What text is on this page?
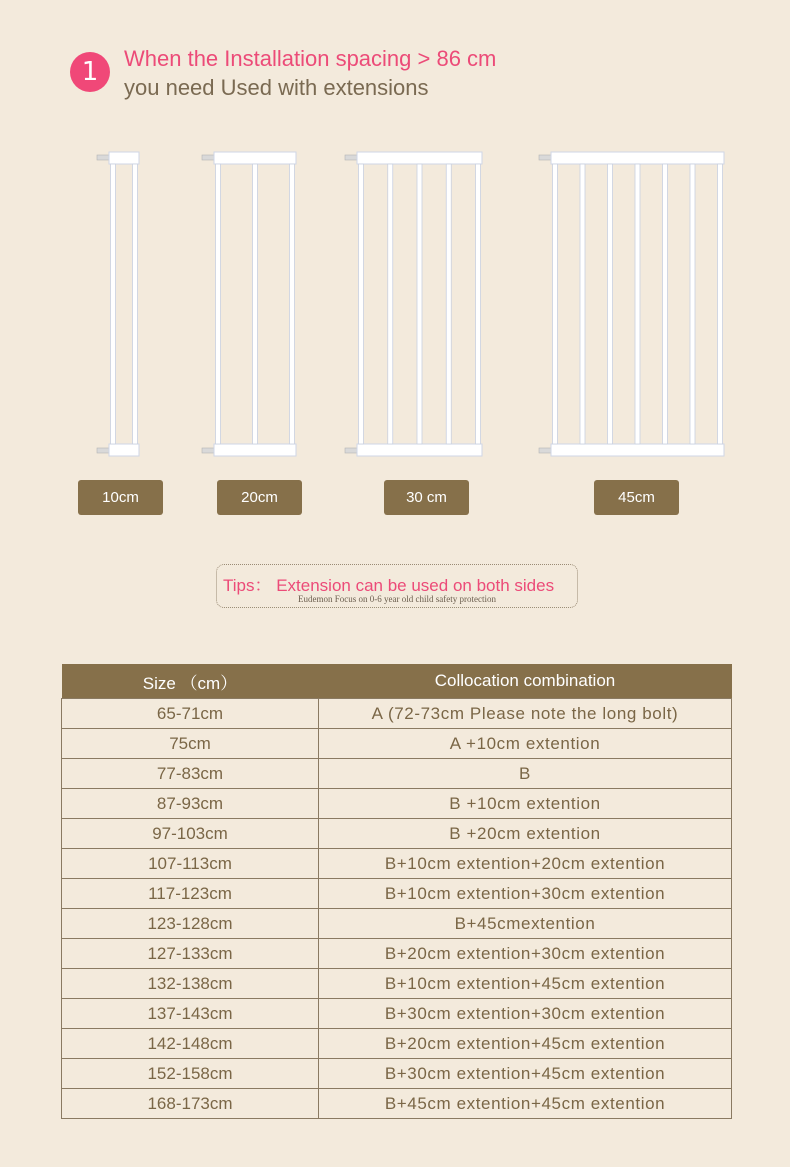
1	When the Installation spacing > 86 cm
you need Used with extensions
10cm	20cm	30 cm	45cm
Tips： Extension can be used on both sides
Eudemon Focus on 0-6 year old child safety protection
Size （cm）	Collocation combination
65-71cm	A (72-73cm Please note the long bolt)
75cm	A +10cm extention
77-83cm	B
87-93cm	B +10cm extention
97-103cm	B +20cm extention
107-113cm	B+10cm extention+20cm extention
117-123cm	B+10cm extention+30cm extention
123-128cm	B+45cmextention
127-133cm	B+20cm extention+30cm extention
132-138cm	B+10cm extention+45cm extention
137-143cm	B+30cm extention+30cm extention
142-148cm	B+20cm extention+45cm extention
152-158cm	B+30cm extention+45cm extention
168-173cm	B+45cm extention+45cm extention
